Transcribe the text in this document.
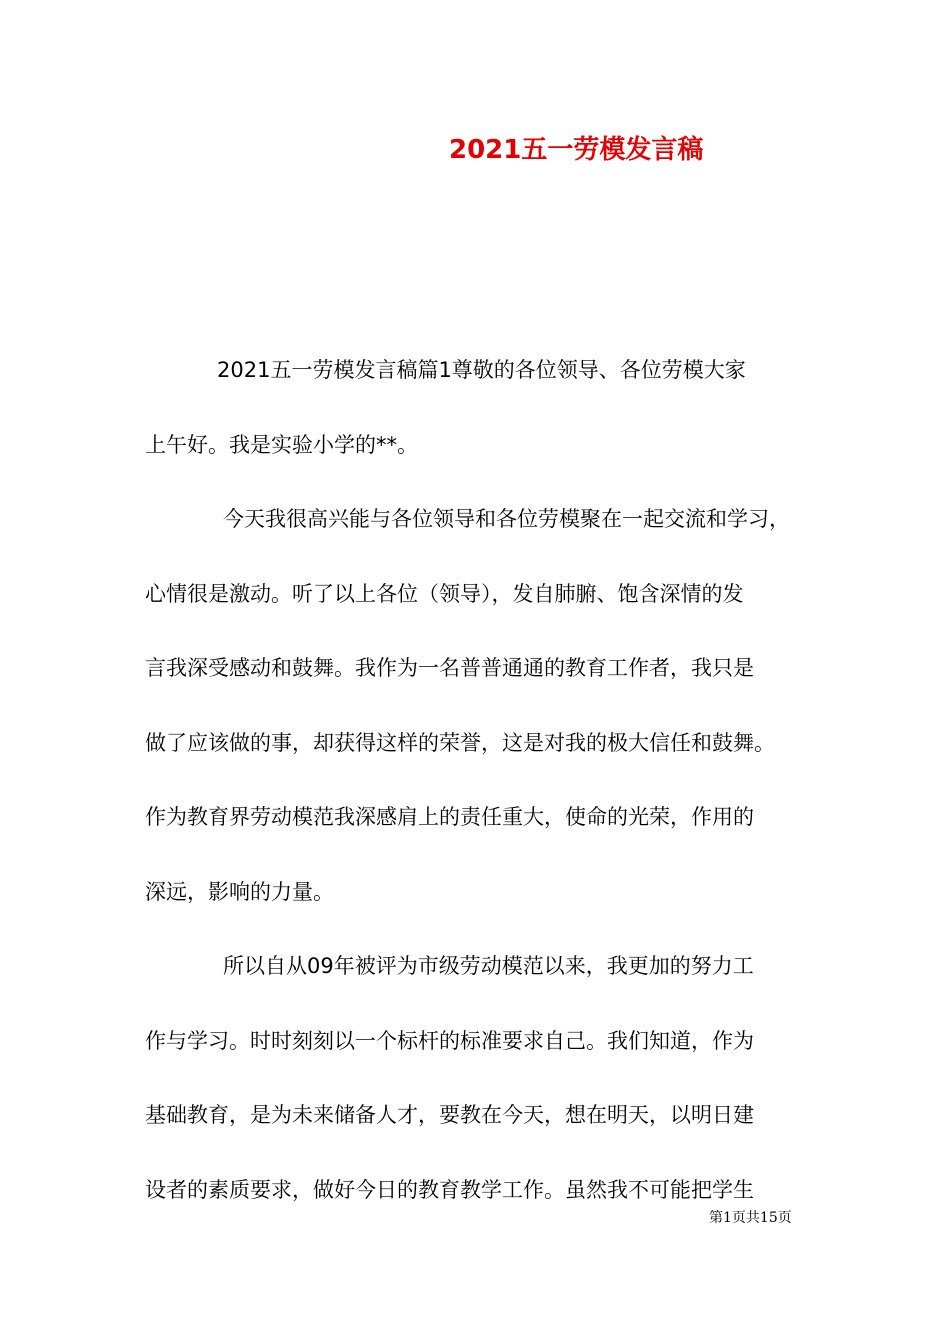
2021五一劳模发言稿
2021五一劳模发言稿篇1尊敬的各位领导、各位劳模大家
上午好。我是实验小学的**。
今天我很高兴能与各位领导和各位劳模聚在一起交流和学习，
心情很是激动。听了以上各位（领导），发自肺腑、饱含深情的发
言我深受感动和鼓舞。我作为一名普普通通的教育工作者，我只是
做了应该做的事，却获得这样的荣誉，这是对我的极大信任和鼓舞。
作为教育界劳动模范我深感肩上的责任重大，使命的光荣，作用的
深远，影响的力量。
所以自从09年被评为市级劳动模范以来，我更加的努力工
作与学习。时时刻刻以一个标杆的标准要求自己。我们知道，作为
基础教育，是为未来储备人才，要教在今天，想在明天，以明日建
设者的素质要求，做好今日的教育教学工作。虽然我不可能把学生
第1页共15页
